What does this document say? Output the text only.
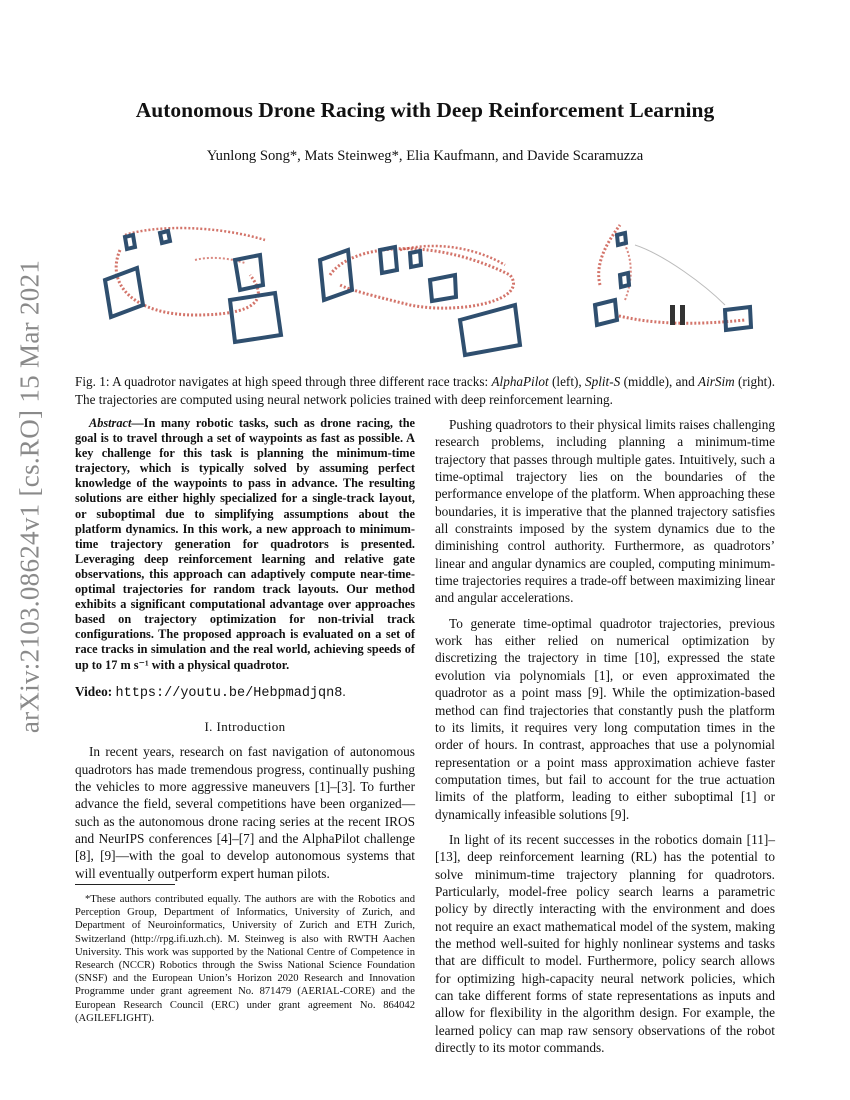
arXiv:2103.08624v1 [cs.RO] 15 Mar 2021
Autonomous Drone Racing with Deep Reinforcement Learning
Yunlong Song*, Mats Steinweg*, Elia Kaufmann, and Davide Scaramuzza
Fig. 1: A quadrotor navigates at high speed through three different race tracks: AlphaPilot (left), Split-S (middle), and AirSim (right). The trajectories are computed using neural network policies trained with deep reinforcement learning.

Abstract—In many robotic tasks, such as drone racing, the goal is to travel through a set of waypoints as fast as possible. A key challenge for this task is planning the minimum-time trajectory, which is typically solved by assuming perfect knowledge of the waypoints to pass in advance. The resulting solutions are either highly specialized for a single-track layout, or suboptimal due to simplifying assumptions about the platform dynamics. In this work, a new approach to minimum-time trajectory generation for quadrotors is presented. Leveraging deep reinforcement learning and relative gate observations, this approach can adaptively compute near-time-optimal trajectories for random track layouts. Our method exhibits a significant computational advantage over approaches based on trajectory optimization for non-trivial track configurations. The proposed approach is evaluated on a set of race tracks in simulation and the real world, achieving speeds of up to 17 m s⁻¹ with a physical quadrotor.

Video: https://youtu.be/Hebpmadjqn8.
I. Introduction

In recent years, research on fast navigation of autonomous quadrotors has made tremendous progress, continually pushing the vehicles to more aggressive maneuvers [1]–[3]. To further advance the field, several competitions have been organized—such as the autonomous drone racing series at the recent IROS and NeurIPS conferences [4]–[7] and the AlphaPilot challenge [8], [9]—with the goal to develop autonomous systems that will eventually outperform expert human pilots.

*These authors contributed equally. The authors are with the Robotics and Perception Group, Department of Informatics, University of Zurich, and Department of Neuroinformatics, University of Zurich and ETH Zurich, Switzerland (http://rpg.ifi.uzh.ch). M. Steinweg is also with RWTH Aachen University. This work was supported by the National Centre of Competence in Research (NCCR) Robotics through the Swiss National Science Foundation (SNSF) and the European Union’s Horizon 2020 Research and Innovation Programme under grant agreement No. 871479 (AERIAL-CORE) and the European Research Council (ERC) under grant agreement No. 864042 (AGILEFLIGHT).

Pushing quadrotors to their physical limits raises challenging research problems, including planning a minimum-time trajectory that passes through multiple gates. Intuitively, such a time-optimal trajectory lies on the boundaries of the performance envelope of the platform. When approaching these boundaries, it is imperative that the planned trajectory satisfies all constraints imposed by the system dynamics due to the diminishing control authority. Furthermore, as quadrotors’ linear and angular dynamics are coupled, computing minimum-time trajectories requires a trade-off between maximizing linear and angular accelerations.

To generate time-optimal quadrotor trajectories, previous work has either relied on numerical optimization by discretizing the trajectory in time [10], expressed the state evolution via polynomials [1], or even approximated the quadrotor as a point mass [9]. While the optimization-based method can find trajectories that constantly push the platform to its limits, it requires very long computation times in the order of hours. In contrast, approaches that use a polynomial representation or a point mass approximation achieve faster computation times, but fail to account for the true actuation limits of the platform, leading to either suboptimal [1] or dynamically infeasible solutions [9].

In light of its recent successes in the robotics domain [11]–[13], deep reinforcement learning (RL) has the potential to solve minimum-time trajectory planning for quadrotors. Particularly, model-free policy search learns a parametric policy by directly interacting with the environment and does not require an exact mathematical model of the system, making the method well-suited for highly nonlinear systems and tasks that are difficult to model. Furthermore, policy search allows for optimizing high-capacity neural network policies, which can take different forms of state representations as inputs and allow for flexibility in the algorithm design. For example, the learned policy can map raw sensory observations of the robot directly to its motor commands.
